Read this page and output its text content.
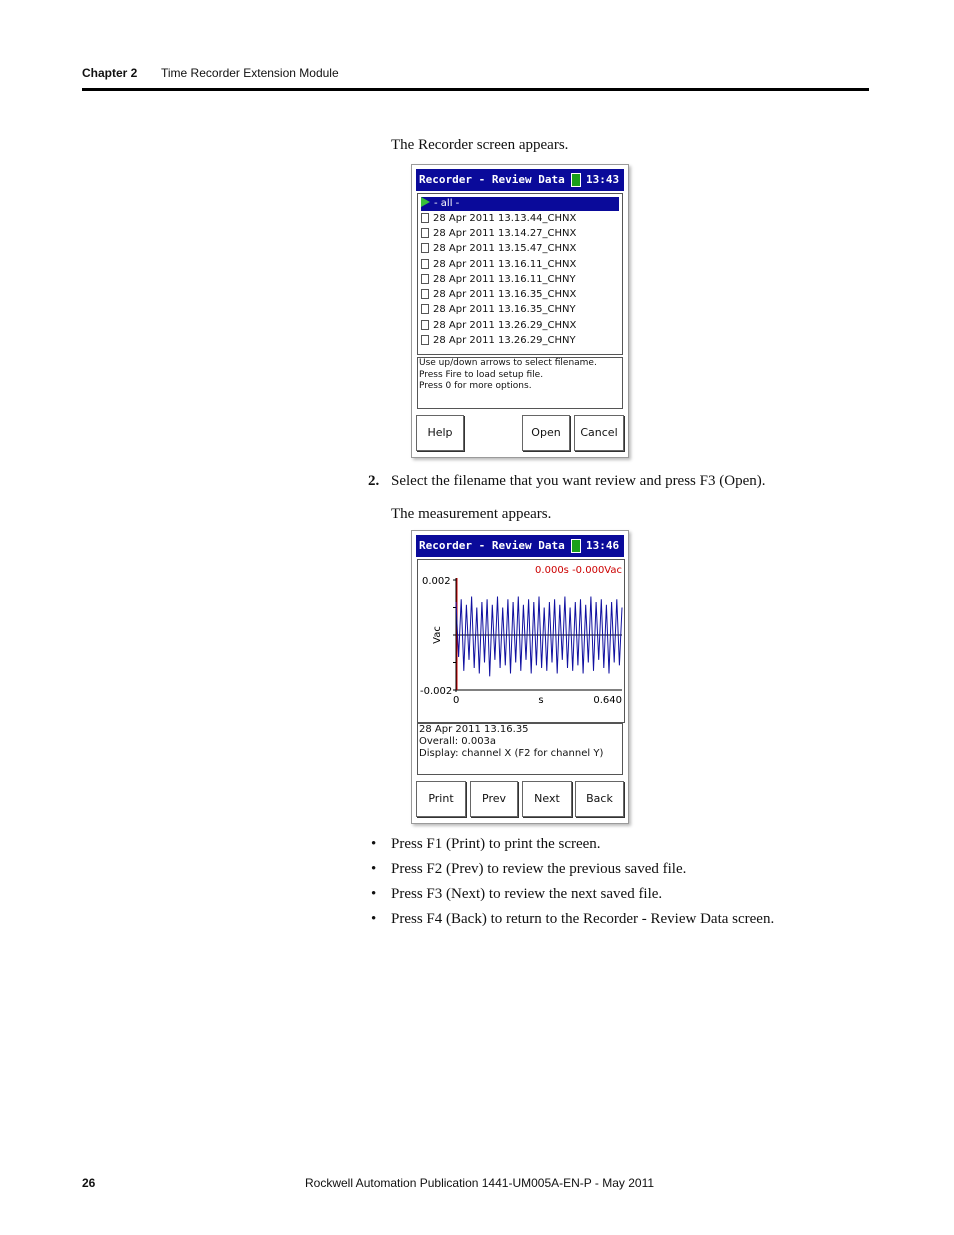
Chapter 2 Time Recorder Extension Module
The Recorder screen appears.
Recorder - Review Data 13:43
- all -
28 Apr 2011 13.13.44_CHNX
28 Apr 2011 13.14.27_CHNX
28 Apr 2011 13.15.47_CHNX
28 Apr 2011 13.16.11_CHNX
28 Apr 2011 13.16.11_CHNY
28 Apr 2011 13.16.35_CHNX
28 Apr 2011 13.16.35_CHNY
28 Apr 2011 13.26.29_CHNX
28 Apr 2011 13.26.29_CHNY
Use up/down arrows to select filename.
Press Fire to load setup file.
Press 0 for more options.
Help	Open	Cancel
2. Select the filename that you want review and press F3 (Open).
The measurement appears.
Recorder - Review Data 13:46
0.000s -0.000Vac
0.002
-0.002
Vac
0	0.640
s
28 Apr 2011 13.16.35
Overall: 0.003a
Display: channel X (F2 for channel Y)
Print	Prev	Next	Back
• Press F1 (Print) to print the screen.
• Press F2 (Prev) to review the previous saved file.
• Press F3 (Next) to review the next saved file.
• Press F4 (Back) to return to the Recorder - Review Data screen.
26	Rockwell Automation Publication 1441-UM005A-EN-P - May 2011
